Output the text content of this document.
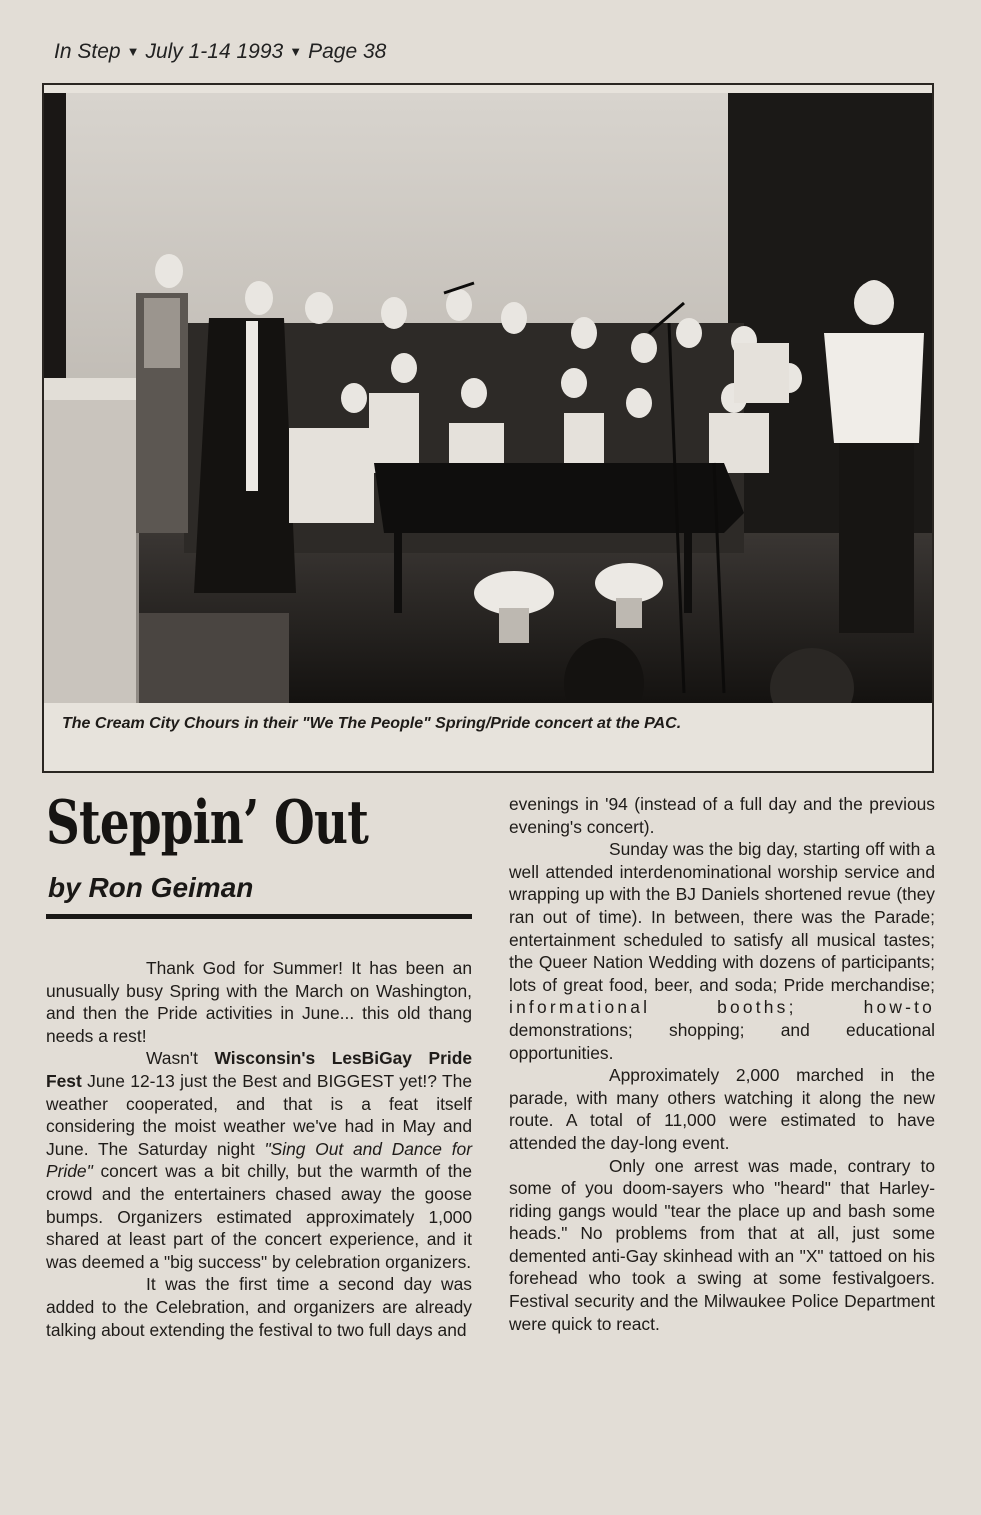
In Step ▼ July 1-14 1993 ▼ Page 38
The Cream City Chours in their "We The People" Spring/Pride concert at the PAC.
Steppin’ Out
by Ron Geiman

Thank God for Summer! It has been an unusually busy Spring with the March on Washington, and then the Pride activities in June... this old thang needs a rest!

Wasn't Wisconsin's LesBiGay Pride Fest June 12-13 just the Best and BIGGEST yet!? The weather cooperated, and that is a feat itself considering the moist weather we've had in May and June. The Saturday night "Sing Out and Dance for Pride" concert was a bit chilly, but the warmth of the crowd and the entertainers chased away the goose bumps. Organizers estimated approximately 1,000 shared at least part of the concert experience, and it was deemed a "big success" by celebration organizers.

It was the first time a second day was added to the Celebration, and organizers are already talking about extending the festival to two full days and

evenings in '94 (instead of a full day and the previous evening's concert).

Sunday was the big day, starting off with a well attended interdenominational worship service and wrapping up with the BJ Daniels shortened revue (they ran out of time). In between, there was the Parade; entertainment scheduled to satisfy all musical tastes; the Queer Nation Wedding with dozens of participants; lots of great food, beer, and soda; Pride merchandise; informational booths; how-to demonstrations; shopping; and educational opportunities.

Approximately 2,000 marched in the parade, with many others watching it along the new route. A total of 11,000 were estimated to have attended the day-long event.

Only one arrest was made, contrary to some of you doom-sayers who "heard" that Harley-riding gangs would "tear the place up and bash some heads." No problems from that at all, just some demented anti-Gay skinhead with an "X" tattoed on his forehead who took a swing at some festivalgoers. Festival security and the Milwaukee Police Department were quick to react.
